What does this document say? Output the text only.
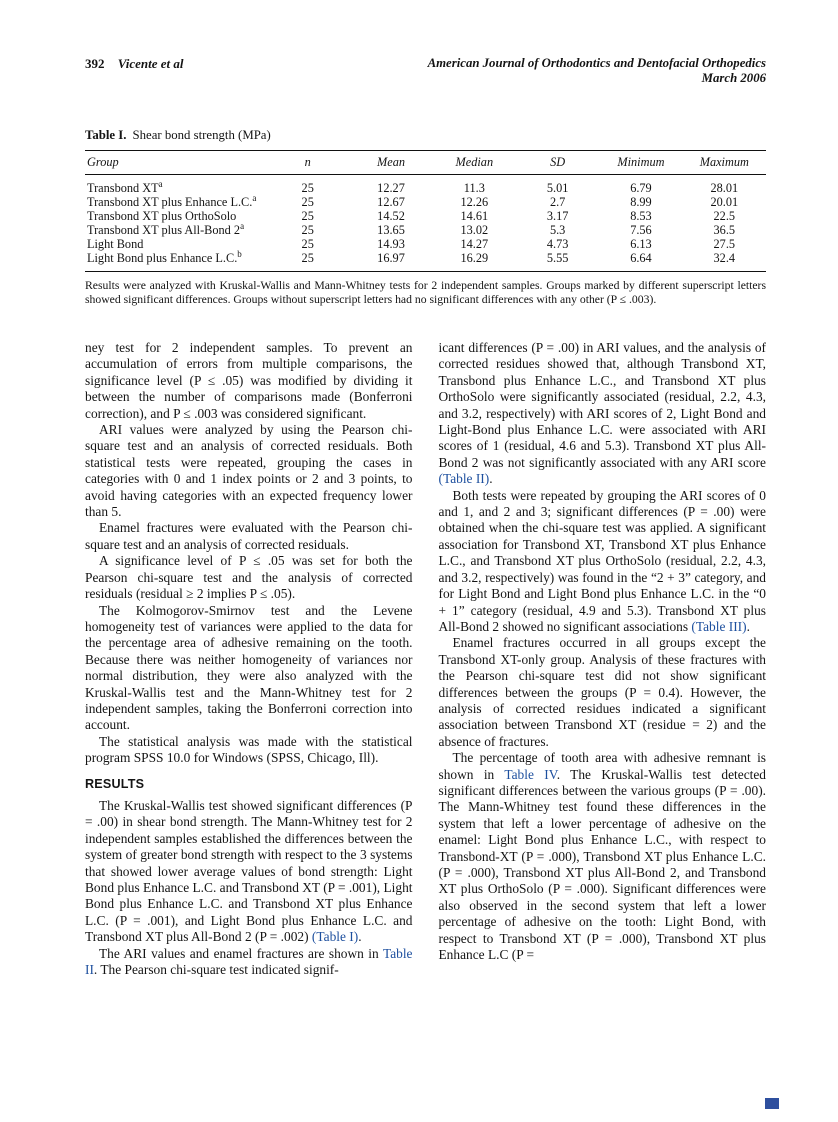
392 Vicente et al	American Journal of Orthodontics and Dentofacial Orthopedics
March 2006
Table I. Shear bond strength (MPa)
Group	n	Mean	Median	SD	Minimum	Maximum
Transbond $XT^a$	25	12.27	11.3	5.01	6.79	28.01
Transbond XT plus Enhance L.C.$^a$	25	12.67	12.26	2.7	8.99	20.01
Transbond XT plus OrthoSolo	25	14.52	14.61	3.17	8.53	22.5
Transbond XT plus All-Bond 2$^a$	25	13.65	13.02	5.3	7.56	36.5
Light Bond	25	14.93	14.27	4.73	6.13	27.5
Light Bond plus Enhance L.C.$^b$	25	16.97	16.29	5.55	6.64	32.4

Results were analyzed with Kruskal-Wallis and Mann-Whitney tests for 2 independent samples. Groups marked by different superscript letters showed significant differences. Groups without superscript letters had no significant differences with any other (P ≤ .003).

ney test for 2 independent samples. To prevent an accumulation of errors from multiple comparisons, the significance level (P ≤ .05) was modified by dividing it between the number of comparisons made (Bonferroni correction), and P ≤ .003 was considered significant.

ARI values were analyzed by using the Pearson chi-square test and an analysis of corrected residuals. Both statistical tests were repeated, grouping the cases in categories with 0 and 1 index points or 2 and 3 points, to avoid having categories with an expected frequency lower than 5.

Enamel fractures were evaluated with the Pearson chi-square test and an analysis of corrected residuals.

A significance level of P ≤ .05 was set for both the Pearson chi-square test and the analysis of corrected residuals (residual ≥ 2 implies P ≤ .05).

The Kolmogorov-Smirnov test and the Levene homogeneity test of variances were applied to the data for the percentage area of adhesive remaining on the tooth. Because there was neither homogeneity of variances nor normal distribution, they were also analyzed with the Kruskal-Wallis test and the Mann-Whitney test for 2 independent samples, taking the Bonferroni correction into account.

The statistical analysis was made with the statistical program SPSS 10.0 for Windows (SPSS, Chicago, Ill).

RESULTS

The Kruskal-Wallis test showed significant differences (P = .00) in shear bond strength. The Mann-Whitney test for 2 independent samples established the differences between the system of greater bond strength with respect to the 3 systems that showed lower average values of bond strength: Light Bond plus Enhance L.C. and Transbond XT (P = .001), Light Bond plus Enhance L.C. and Transbond XT plus Enhance L.C. (P = .001), and Light Bond plus Enhance L.C. and Transbond XT plus All-Bond 2 (P = .002) (Table I).

The ARI values and enamel fractures are shown in Table II. The Pearson chi-square test indicated signif-

icant differences (P = .00) in ARI values, and the analysis of corrected residues showed that, although Transbond XT, Transbond plus Enhance L.C., and Transbond XT plus OrthoSolo were significantly associated (residual, 2.2, 4.3, and 3.2, respectively) with ARI scores of 2, Light Bond and Light-Bond plus Enhance L.C. were associated with ARI scores of 1 (residual, 4.6 and 5.3). Transbond XT plus All-Bond 2 was not significantly associated with any ARI score (Table II).

Both tests were repeated by grouping the ARI scores of 0 and 1, and 2 and 3; significant differences (P = .00) were obtained when the chi-square test was applied. A significant association for Transbond XT, Transbond XT plus Enhance L.C., and Transbond XT plus OrthoSolo (residual, 2.2, 4.3, and 3.2, respectively) was found in the “2 + 3” category, and for Light Bond and Light Bond plus Enhance L.C. in the “0 + 1” category (residual, 4.9 and 5.3). Transbond XT plus All-Bond 2 showed no significant associations (Table III).

Enamel fractures occurred in all groups except the Transbond XT-only group. Analysis of these fractures with the Pearson chi-square test did not show significant differences between the groups (P = 0.4). However, the analysis of corrected residues indicated a significant association between Transbond XT (residue = 2) and the absence of fractures.

The percentage of tooth area with adhesive remnant is shown in Table IV. The Kruskal-Wallis test detected significant differences between the various groups (P = .00). The Mann-Whitney test found these differences in the system that left a lower percentage of adhesive on the enamel: Light Bond plus Enhance L.C., with respect to Transbond-XT (P = .000), Transbond XT plus Enhance L.C. (P = .000), Transbond XT plus All-Bond 2, and Transbond XT plus OrthoSolo (P = .000). Significant differences were also observed in the second system that left a lower percentage of adhesive on the tooth: Light Bond, with respect to Transbond XT (P = .000), Transbond XT plus Enhance L.C (P =
